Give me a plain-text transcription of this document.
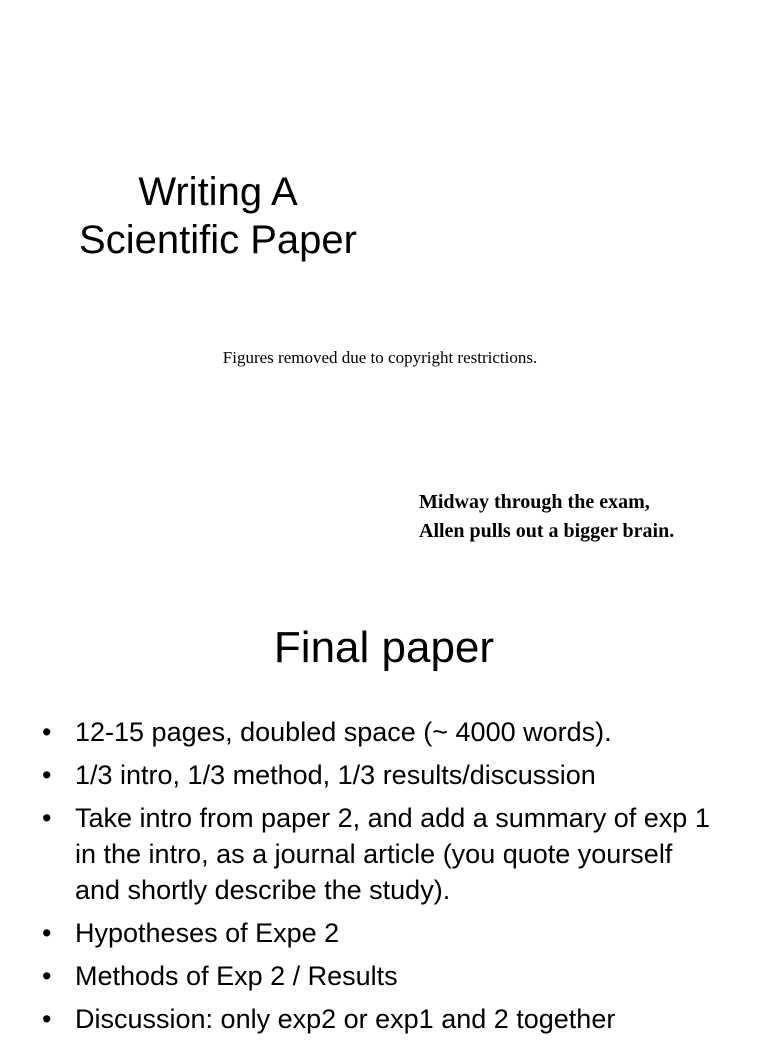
Writing A
Scientific Paper
Figures removed due to copyright restrictions.
Midway through the exam,
Allen pulls out a bigger brain.
Final paper
• 12-15 pages, doubled space (~ 4000 words).
• 1/3 intro, 1/3 method, 1/3 results/discussion
• Take intro from paper 2, and add a summary of exp 1 in the intro, as a journal article (you quote yourself and shortly describe the study).
• Hypotheses of Expe 2
• Methods of Exp 2 / Results
• Discussion: only exp2 or exp1 and 2 together
